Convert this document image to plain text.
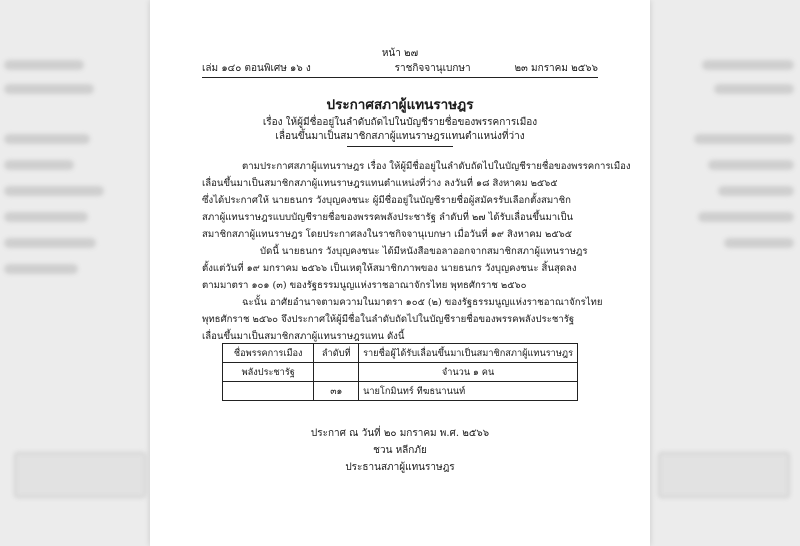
หน้า ๒๗
เล่ม ๑๔๐ ตอนพิเศษ ๑๖ ง	ราชกิจจานุเบกษา	๒๓ มกราคม ๒๕๖๖
ประกาศสภาผู้แทนราษฎร
เรื่อง ให้ผู้มีชื่ออยู่ในลำดับถัดไปในบัญชีรายชื่อของพรรคการเมือง
เลื่อนขึ้นมาเป็นสมาชิกสภาผู้แทนราษฎรแทนตำแหน่งที่ว่าง
ตามประกาศสภาผู้แทนราษฎร เรื่อง ให้ผู้มีชื่ออยู่ในลำดับถัดไปในบัญชีรายชื่อของพรรคการเมือง
เลื่อนขึ้นมาเป็นสมาชิกสภาผู้แทนราษฎรแทนตำแหน่งที่ว่าง ลงวันที่ ๑๘ สิงหาคม ๒๕๖๕
ซึ่งได้ประกาศให้ นายธนกร วังบุญคงชนะ ผู้มีชื่ออยู่ในบัญชีรายชื่อผู้สมัครรับเลือกตั้งสมาชิก
สภาผู้แทนราษฎรแบบบัญชีรายชื่อของพรรคพลังประชารัฐ ลำดับที่ ๒๗ ได้รับเลื่อนขึ้นมาเป็น
สมาชิกสภาผู้แทนราษฎร โดยประกาศลงในราชกิจจานุเบกษา เมื่อวันที่ ๑๙ สิงหาคม ๒๕๖๕
บัดนี้ นายธนกร วังบุญคงชนะ ได้มีหนังสือขอลาออกจากสมาชิกสภาผู้แทนราษฎร
ตั้งแต่วันที่ ๑๙ มกราคม ๒๕๖๖ เป็นเหตุให้สมาชิกภาพของ นายธนกร วังบุญคงชนะ สิ้นสุดลง
ตามมาตรา ๑๐๑ (๓) ของรัฐธรรมนูญแห่งราชอาณาจักรไทย พุทธศักราช ๒๕๖๐
ฉะนั้น อาศัยอำนาจตามความในมาตรา ๑๐๕ (๒) ของรัฐธรรมนูญแห่งราชอาณาจักรไทย
พุทธศักราช ๒๕๖๐ จึงประกาศให้ผู้มีชื่อในลำดับถัดไปในบัญชีรายชื่อของพรรคพลังประชารัฐ
เลื่อนขึ้นมาเป็นสมาชิกสภาผู้แทนราษฎรแทน ดังนี้
ชื่อพรรคการเมือง	ลำดับที่	รายชื่อผู้ได้รับเลื่อนขึ้นมาเป็นสมาชิกสภาผู้แทนราษฎร
พลังประชารัฐ		จำนวน ๑ คน
	๓๑	นายโกมินทร์ ทีฆธนานนท์
ประกาศ ณ วันที่ ๒๐ มกราคม พ.ศ. ๒๕๖๖
ชวน หลีกภัย
ประธานสภาผู้แทนราษฎร
